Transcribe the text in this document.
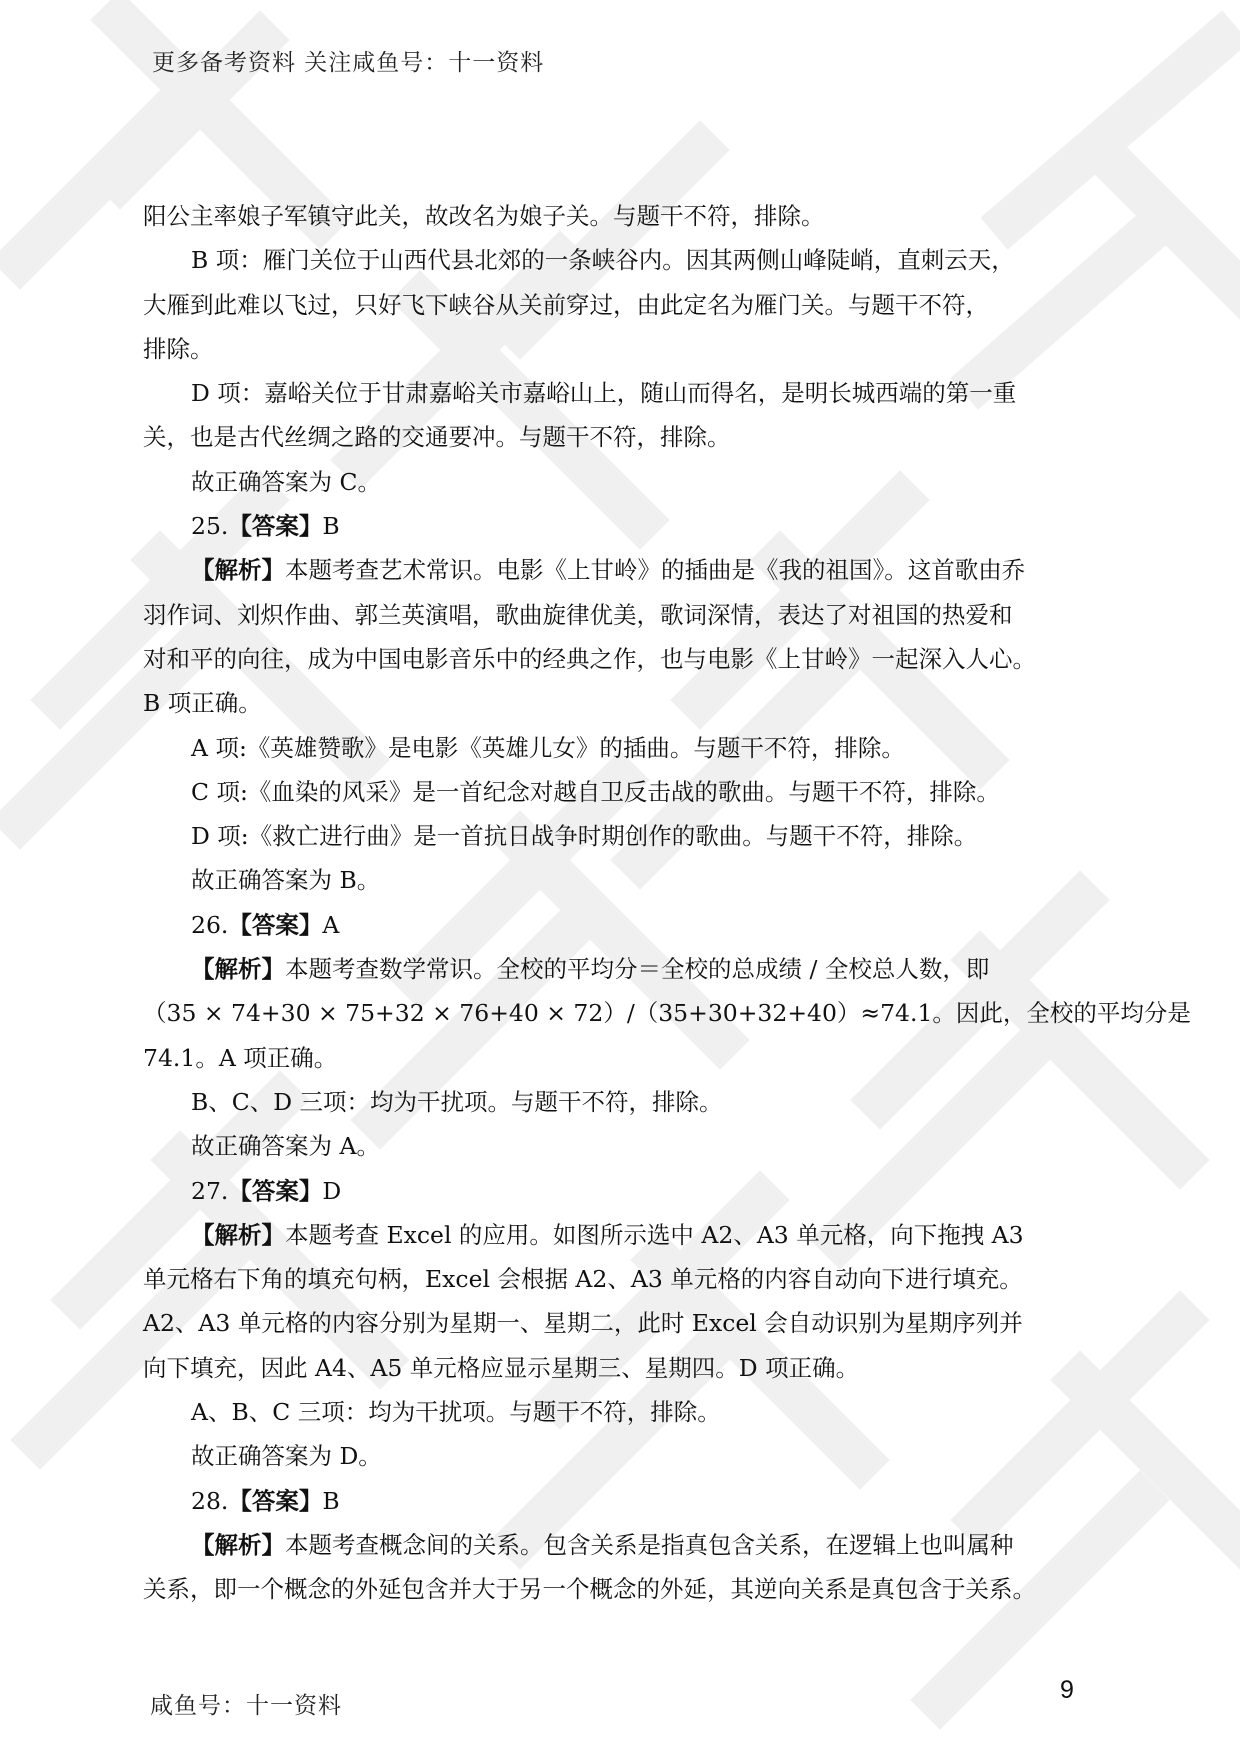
更多备考资料 关注咸鱼号：十一资料

阳公主率娘子军镇守此关，故改名为娘子关。与题干不符，排除。

B 项：雁门关位于山西代县北郊的一条峡谷内。因其两侧山峰陡峭，直刺云天，

大雁到此难以飞过，只好飞下峡谷从关前穿过，由此定名为雁门关。与题干不符，

排除。

D 项：嘉峪关位于甘肃嘉峪关市嘉峪山上，随山而得名，是明长城西端的第一重

关，也是古代丝绸之路的交通要冲。与题干不符，排除。

故正确答案为 C。

25.【答案】B

【解析】本题考查艺术常识。电影《上甘岭》的插曲是《我的祖国》。这首歌由乔

羽作词、刘炽作曲、郭兰英演唱，歌曲旋律优美，歌词深情，表达了对祖国的热爱和

对和平的向往，成为中国电影音乐中的经典之作，也与电影《上甘岭》一起深入人心。

B 项正确。

A 项:《英雄赞歌》是电影《英雄儿女》的插曲。与题干不符，排除。

C 项:《血染的风采》是一首纪念对越自卫反击战的歌曲。与题干不符，排除。

D 项:《救亡进行曲》是一首抗日战争时期创作的歌曲。与题干不符，排除。

故正确答案为 B。

26.【答案】A

【解析】本题考查数学常识。全校的平均分＝全校的总成绩 / 全校总人数，即

（35 × 74+30 × 75+32 × 76+40 × 72）/（35+30+32+40）≈74.1。因此，全校的平均分是

74.1。A 项正确。

B、C、D 三项：均为干扰项。与题干不符，排除。

故正确答案为 A。

27.【答案】D

【解析】本题考查 Excel 的应用。如图所示选中 A2、A3 单元格，向下拖拽 A3

单元格右下角的填充句柄，Excel 会根据 A2、A3 单元格的内容自动向下进行填充。

A2、A3 单元格的内容分别为星期一、星期二，此时 Excel 会自动识别为星期序列并

向下填充，因此 A4、A5 单元格应显示星期三、星期四。D 项正确。

A、B、C 三项：均为干扰项。与题干不符，排除。

故正确答案为 D。

28.【答案】B

【解析】本题考查概念间的关系。包含关系是指真包含关系，在逻辑上也叫属种

关系，即一个概念的外延包含并大于另一个概念的外延，其逆向关系是真包含于关系。

咸鱼号：十一资料
9
